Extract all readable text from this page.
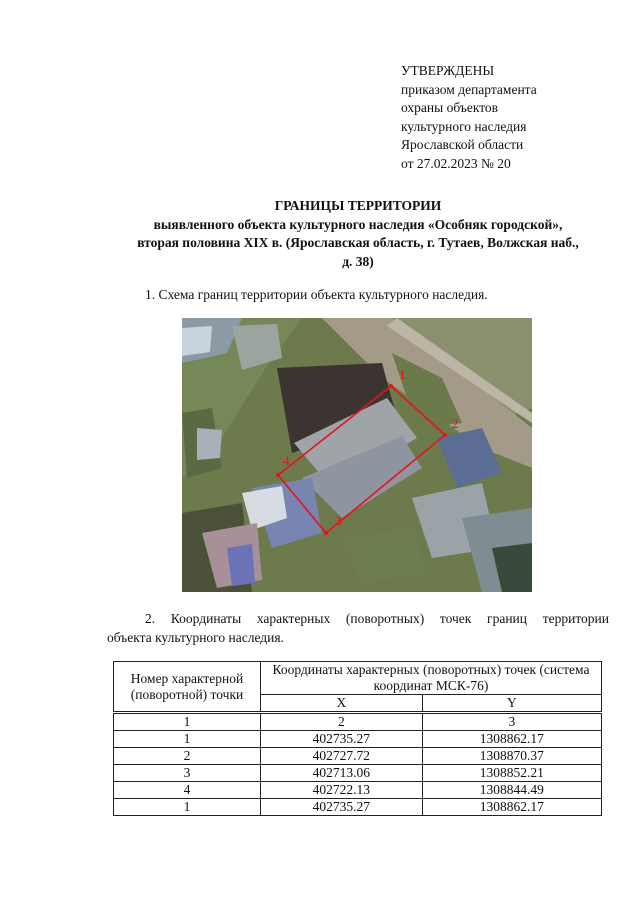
УТВЕРЖДЕНЫ
приказом департамента
охраны объектов
культурного наследия
Ярославской области
от 27.02.2023 № 20
ГРАНИЦЫ ТЕРРИТОРИИ
выявленного объекта культурного наследия «Особняк городской»,
вторая половина XIX в. (Ярославская область, г. Тутаев, Волжская наб.,
д. 38)
1. Схема границ территории объекта культурного наследия.
1
2
3
4
2. Координаты характерных (поворотных) точек границ территории
объекта культурного наследия.
Номер характерной (поворотной) точки	Координаты характерных (поворотных) точек (система координат МСК-76)	
	X	Y
1	2	3
1	402735.27	1308862.17
2	402727.72	1308870.37
3	402713.06	1308852.21
4	402722.13	1308844.49
1	402735.27	1308862.17
